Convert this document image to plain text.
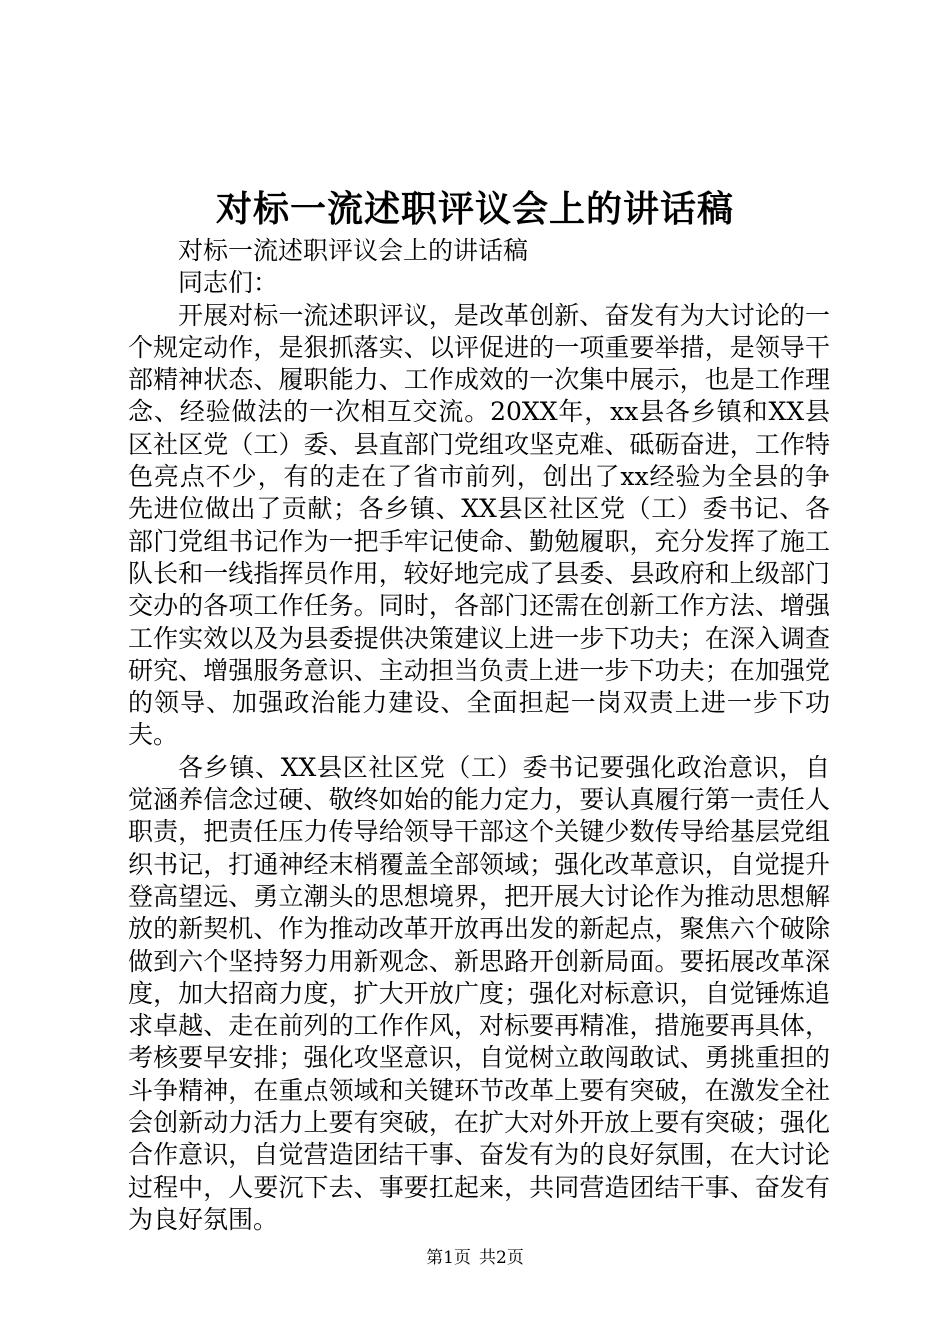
对标一流述职评议会上的讲话稿

对标一流述职评议会上的讲话稿

同志们：

开展对标一流述职评议，是改革创新、奋发有为大讨论的一个规定动作，是狠抓落实、以评促进的一项重要举措，是领导干部精神状态、履职能力、工作成效的一次集中展示，也是工作理念、经验做法的一次相互交流。20XX年，xx县各乡镇和XX县区社区党（工）委、县直部门党组攻坚克难、砥砺奋进，工作特色亮点不少，有的走在了省市前列，创出了xx经验为全县的争先进位做出了贡献；各乡镇、XX县区社区党（工）委书记、各部门党组书记作为一把手牢记使命、勤勉履职，充分发挥了施工队长和一线指挥员作用，较好地完成了县委、县政府和上级部门交办的各项工作任务。同时，各部门还需在创新工作方法、增强工作实效以及为县委提供决策建议上进一步下功夫；在深入调查研究、增强服务意识、主动担当负责上进一步下功夫；在加强党的领导、加强政治能力建设、全面担起一岗双责上进一步下功夫。

各乡镇、XX县区社区党（工）委书记要强化政治意识，自觉涵养信念过硬、敬终如始的能力定力，要认真履行第一责任人职责，把责任压力传导给领导干部这个关键少数传导给基层党组织书记，打通神经末梢覆盖全部领域；强化改革意识，自觉提升登高望远、勇立潮头的思想境界，把开展大讨论作为推动思想解放的新契机、作为推动改革开放再出发的新起点，聚焦六个破除做到六个坚持努力用新观念、新思路开创新局面。要拓展改革深度，加大招商力度，扩大开放广度；强化对标意识，自觉锤炼追求卓越、走在前列的工作作风，对标要再精准，措施要再具体，考核要早安排；强化攻坚意识，自觉树立敢闯敢试、勇挑重担的斗争精神，在重点领域和关键环节改革上要有突破，在激发全社会创新动力活力上要有突破，在扩大对外开放上要有突破；强化合作意识，自觉营造团结干事、奋发有为的良好氛围，在大讨论过程中，人要沉下去、事要扛起来，共同营造团结干事、奋发有为良好氛围。

第1页 共2页
